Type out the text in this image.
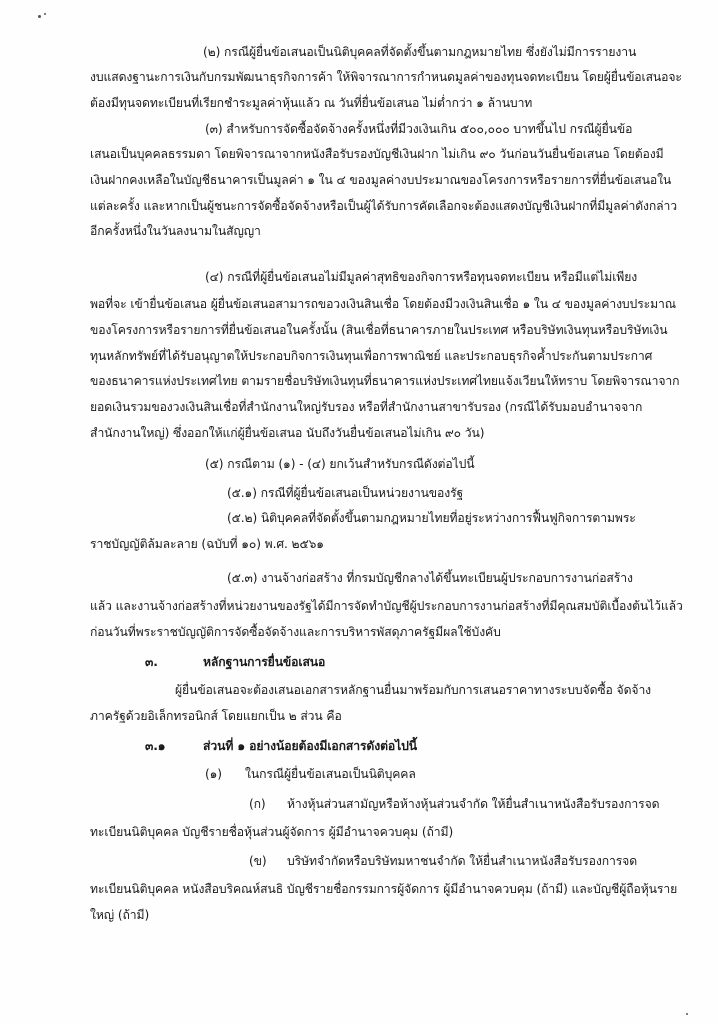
(๒) กรณีผู้ยื่นข้อเสนอเป็นนิติบุคคลที่จัดตั้งขึ้นตามกฎหมายไทย ซึ่งยังไม่มีการรายงาน
งบแสดงฐานะการเงินกับกรมพัฒนาธุรกิจการค้า ให้พิจารณาการกำหนดมูลค่าของทุนจดทะเบียน โดยผู้ยื่นข้อเสนอจะ
ต้องมีทุนจดทะเบียนที่เรียกชำระมูลค่าหุ้นแล้ว ณ วันที่ยื่นข้อเสนอ ไม่ต่ำกว่า ๑ ล้านบาท
(๓) สำหรับการจัดซื้อจัดจ้างครั้งหนึ่งที่มีวงเงินเกิน ๕๐๐,๐๐๐ บาทขึ้นไป กรณีผู้ยื่นข้อ
เสนอเป็นบุคคลธรรมดา โดยพิจารณาจากหนังสือรับรองบัญชีเงินฝาก ไม่เกิน ๙๐ วันก่อนวันยื่นข้อเสนอ โดยต้องมี
เงินฝากคงเหลือในบัญชีธนาคารเป็นมูลค่า ๑ ใน ๔ ของมูลค่างบประมาณของโครงการหรือรายการที่ยื่นข้อเสนอใน
แต่ละครั้ง และหากเป็นผู้ชนะการจัดซื้อจัดจ้างหรือเป็นผู้ได้รับการคัดเลือกจะต้องแสดงบัญชีเงินฝากที่มีมูลค่าดังกล่าว
อีกครั้งหนึ่งในวันลงนามในสัญญา
(๔) กรณีที่ผู้ยื่นข้อเสนอไม่มีมูลค่าสุทธิของกิจการหรือทุนจดทะเบียน หรือมีแต่ไม่เพียง
พอที่จะ เข้ายื่นข้อเสนอ ผู้ยื่นข้อเสนอสามารถขอวงเงินสินเชื่อ โดยต้องมีวงเงินสินเชื่อ ๑ ใน ๔ ของมูลค่างบประมาณ
ของโครงการหรือรายการที่ยื่นข้อเสนอในครั้งนั้น (สินเชื่อที่ธนาคารภายในประเทศ หรือบริษัทเงินทุนหรือบริษัทเงิน
ทุนหลักทรัพย์ที่ได้รับอนุญาตให้ประกอบกิจการเงินทุนเพื่อการพาณิชย์ และประกอบธุรกิจค้ำประกันตามประกาศ
ของธนาคารแห่งประเทศไทย ตามรายชื่อบริษัทเงินทุนที่ธนาคารแห่งประเทศไทยแจ้งเวียนให้ทราบ โดยพิจารณาจาก
ยอดเงินรวมของวงเงินสินเชื่อที่สำนักงานใหญ่รับรอง หรือที่สำนักงานสาขารับรอง (กรณีได้รับมอบอำนาจจาก
สำนักงานใหญ่) ซึ่งออกให้แก่ผู้ยื่นข้อเสนอ นับถึงวันยื่นข้อเสนอไม่เกิน ๙๐ วัน)
(๕) กรณีตาม (๑) - (๔) ยกเว้นสำหรับกรณีดังต่อไปนี้
(๕.๑) กรณีที่ผู้ยื่นข้อเสนอเป็นหน่วยงานของรัฐ
(๕.๒) นิติบุคคลที่จัดตั้งขึ้นตามกฎหมายไทยที่อยู่ระหว่างการฟื้นฟูกิจการตามพระ
ราชบัญญัติล้มละลาย (ฉบับที่ ๑๐) พ.ศ. ๒๕๖๑
(๕.๓) งานจ้างก่อสร้าง ที่กรมบัญชีกลางได้ขึ้นทะเบียนผู้ประกอบการงานก่อสร้าง
แล้ว และงานจ้างก่อสร้างที่หน่วยงานของรัฐได้มีการจัดทำบัญชีผู้ประกอบการงานก่อสร้างที่มีคุณสมบัติเบื้องต้นไว้แล้ว
ก่อนวันที่พระราชบัญญัติการจัดซื้อจัดจ้างและการบริหารพัสดุภาครัฐมีผลใช้บังคับ
๓.	หลักฐานการยื่นข้อเสนอ
ผู้ยื่นข้อเสนอจะต้องเสนอเอกสารหลักฐานยื่นมาพร้อมกับการเสนอราคาทางระบบจัดซื้อ จัดจ้าง
ภาครัฐด้วยอิเล็กทรอนิกส์ โดยแยกเป็น ๒ ส่วน คือ
๓.๑	ส่วนที่ ๑ อย่างน้อยต้องมีเอกสารดังต่อไปนี้
(๑) ในกรณีผู้ยื่นข้อเสนอเป็นนิติบุคคล
(ก) ห้างหุ้นส่วนสามัญหรือห้างหุ้นส่วนจำกัด ให้ยื่นสำเนาหนังสือรับรองการจด
ทะเบียนนิติบุคคล บัญชีรายชื่อหุ้นส่วนผู้จัดการ ผู้มีอำนาจควบคุม (ถ้ามี)
(ข) บริษัทจำกัดหรือบริษัทมหาชนจำกัด ให้ยื่นสำเนาหนังสือรับรองการจด
ทะเบียนนิติบุคคล หนังสือบริคณห์สนธิ บัญชีรายชื่อกรรมการผู้จัดการ ผู้มีอำนาจควบคุม (ถ้ามี) และบัญชีผู้ถือหุ้นราย
ใหญ่ (ถ้ามี)
